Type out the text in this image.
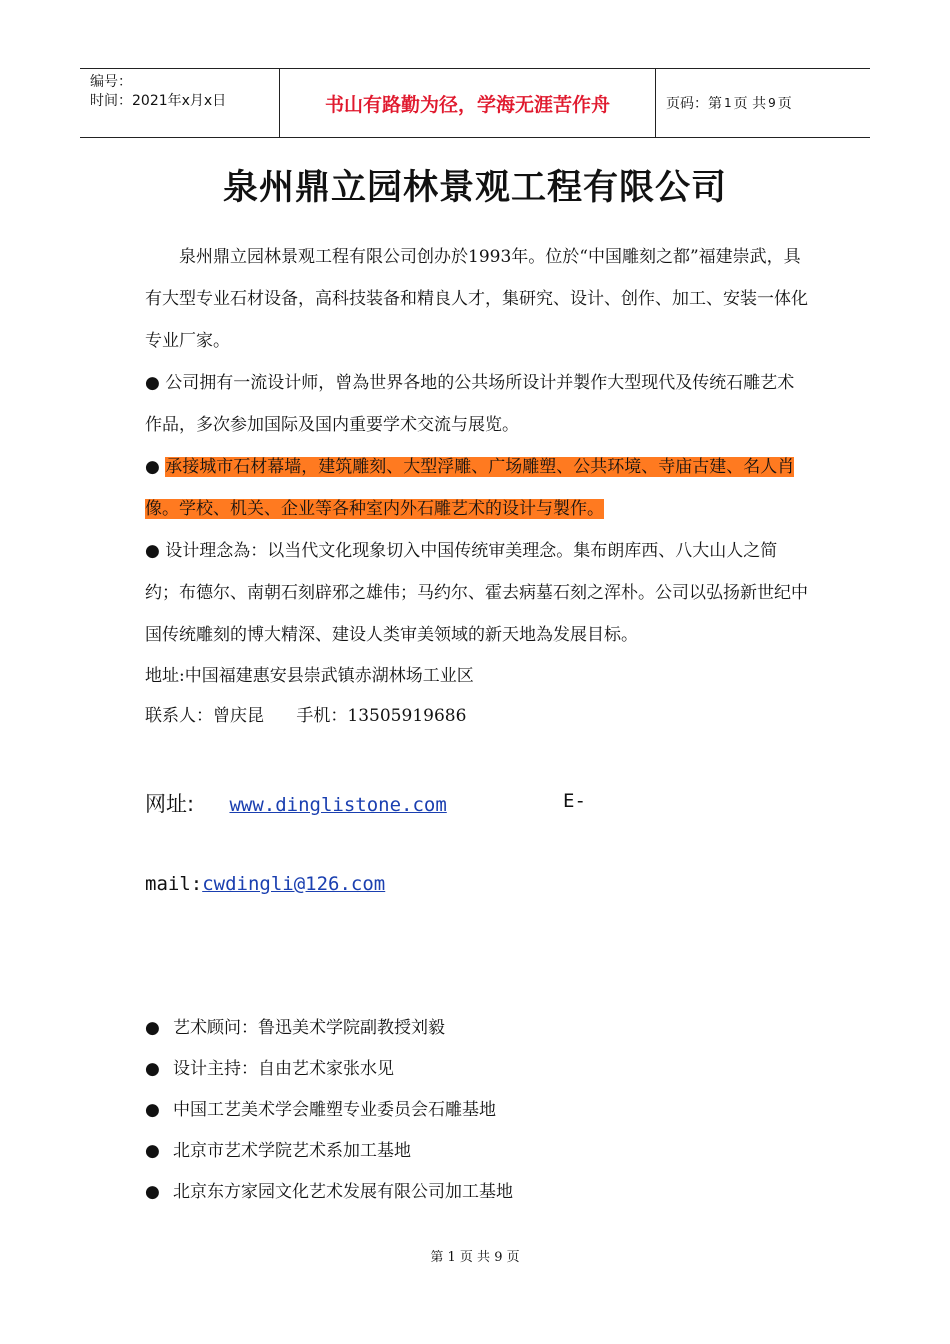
编号：
时间：2021年x月x日	书山有路勤为径，学海无涯苦作舟	页码：第 1 页 共 9 页
泉州鼎立园林景观工程有限公司

泉州鼎立园林景观工程有限公司创办於1993年。位於“中国雕刻之都”福建崇武，具有大型专业石材设备，高科技装备和精良人才，集研究、设计、创作、加工、安装一体化专业厂家。

● 公司拥有一流设计师，曾為世界各地的公共场所设计并製作大型现代及传统石雕艺术作品，多次参加国际及国内重要学术交流与展览。

● 承接城市石材幕墙，建筑雕刻、大型浮雕、广场雕塑、公共环境、寺庙古建、名人肖像。学校、机关、企业等各种室内外石雕艺术的设计与製作。

● 设计理念為：以当代文化现象切入中国传统审美理念。集布朗库西、八大山人之简约；布德尔、南朝石刻辟邪之雄伟；马约尔、霍去病墓石刻之浑朴。公司以弘扬新世纪中国传统雕刻的博大精深、建设人类审美领域的新天地為发展目标。

地址:中国福建惠安县崇武镇赤湖林场工业区

联系人：曾庆昆      手机：13505919686

网址: www.dinglistone.com	E-
mail:cwdingli@126.com
● 艺术顾问：鲁迅美术学院副教授刘毅
● 设计主持：自由艺术家张水见
● 中国工艺美术学会雕塑专业委员会石雕基地
● 北京市艺术学院艺术系加工基地
● 北京东方家园文化艺术发展有限公司加工基地
第 1 页 共 9 页
